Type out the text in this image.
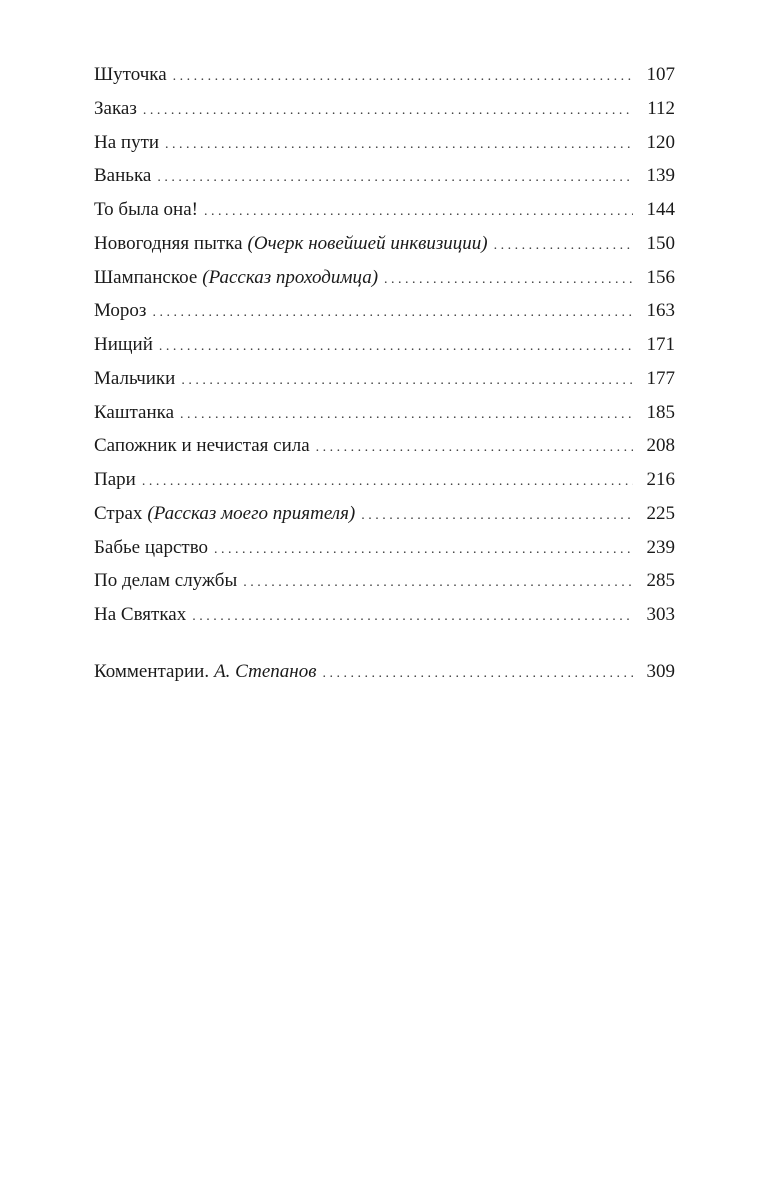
Шуточка . . .	107
Заказ . . .	112
На пути . . .	120
Ванька . . .	139
То была она! . . .	144
Новогодняя пытка (Очерк новейшей инквизиции) . . .	150
Шампанское (Рассказ проходимца) . . .	156
Мороз . . .	163
Нищий . . .	171
Мальчики . . .	177
Каштанка . . .	185
Сапожник и нечистая сила . . .	208
Пари . . .	216
Страх (Рассказ моего приятеля) . . .	225
Бабье царство . . .	239
По делам службы . . .	285
На Святках . . .	303
Комментарии. А. Степанов . . .	309
